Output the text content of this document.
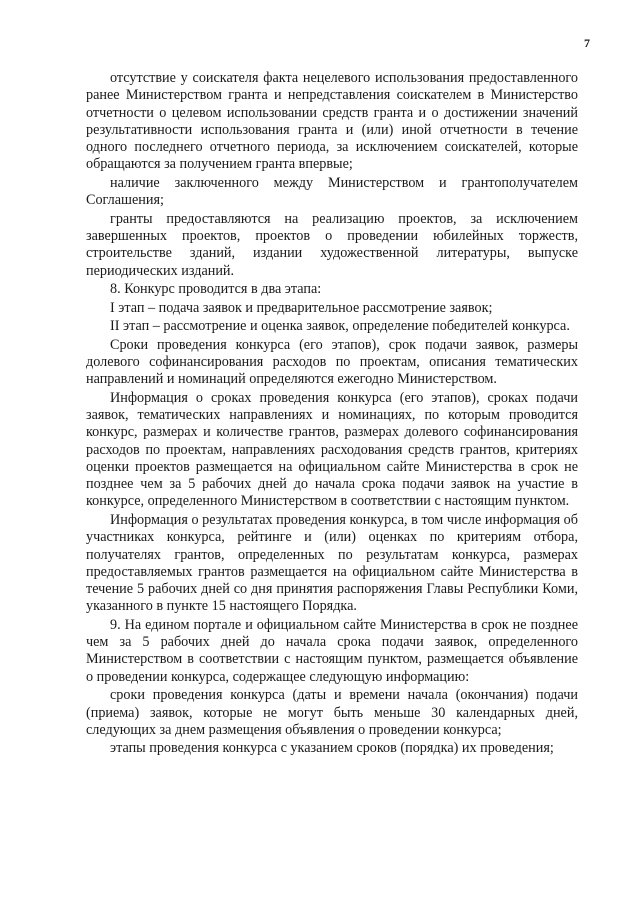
7

отсутствие у соискателя факта нецелевого использования предоставленного ранее Министерством гранта и непредставления соискателем в Министерство отчетности о целевом использовании средств гранта и о достижении значений результативности использования гранта и (или) иной отчетности в течение одного последнего отчетного периода, за исключением соискателей, которые обращаются за получением гранта впервые;

наличие заключенного между Министерством и грантополучателем Соглашения;

гранты предоставляются на реализацию проектов, за исключением завершенных проектов, проектов о проведении юбилейных торжеств, строительстве зданий, издании художественной литературы, выпуске периодических изданий.

8. Конкурс проводится в два этапа:

I этап – подача заявок и предварительное рассмотрение заявок;

II этап – рассмотрение и оценка заявок, определение победителей конкурса.

Сроки проведения конкурса (его этапов), срок подачи заявок, размеры долевого софинансирования расходов по проектам, описания тематических направлений и номинаций определяются ежегодно Министерством.

Информация о сроках проведения конкурса (его этапов), сроках подачи заявок, тематических направлениях и номинациях, по которым проводится конкурс, размерах и количестве грантов, размерах долевого софинансирования расходов по проектам, направлениях расходования средств грантов, критериях оценки проектов размещается на официальном сайте Министерства в срок не позднее чем за 5 рабочих дней до начала срока подачи заявок на участие в конкурсе, определенного Министерством в соответствии с настоящим пунктом.

Информация о результатах проведения конкурса, в том числе информация об участниках конкурса, рейтинге и (или) оценках по критериям отбора, получателях грантов, определенных по результатам конкурса, размерах предоставляемых грантов размещается на официальном сайте Министерства в течение 5 рабочих дней со дня принятия распоряжения Главы Республики Коми, указанного в пункте 15 настоящего Порядка.

9. На едином портале и официальном сайте Министерства в срок не позднее чем за 5 рабочих дней до начала срока подачи заявок, определенного Министерством в соответствии с настоящим пунктом, размещается объявление о проведении конкурса, содержащее следующую информацию:

сроки проведения конкурса (даты и времени начала (окончания) подачи (приема) заявок, которые не могут быть меньше 30 календарных дней, следующих за днем размещения объявления о проведении конкурса;

этапы проведения конкурса с указанием сроков (порядка) их проведения;
